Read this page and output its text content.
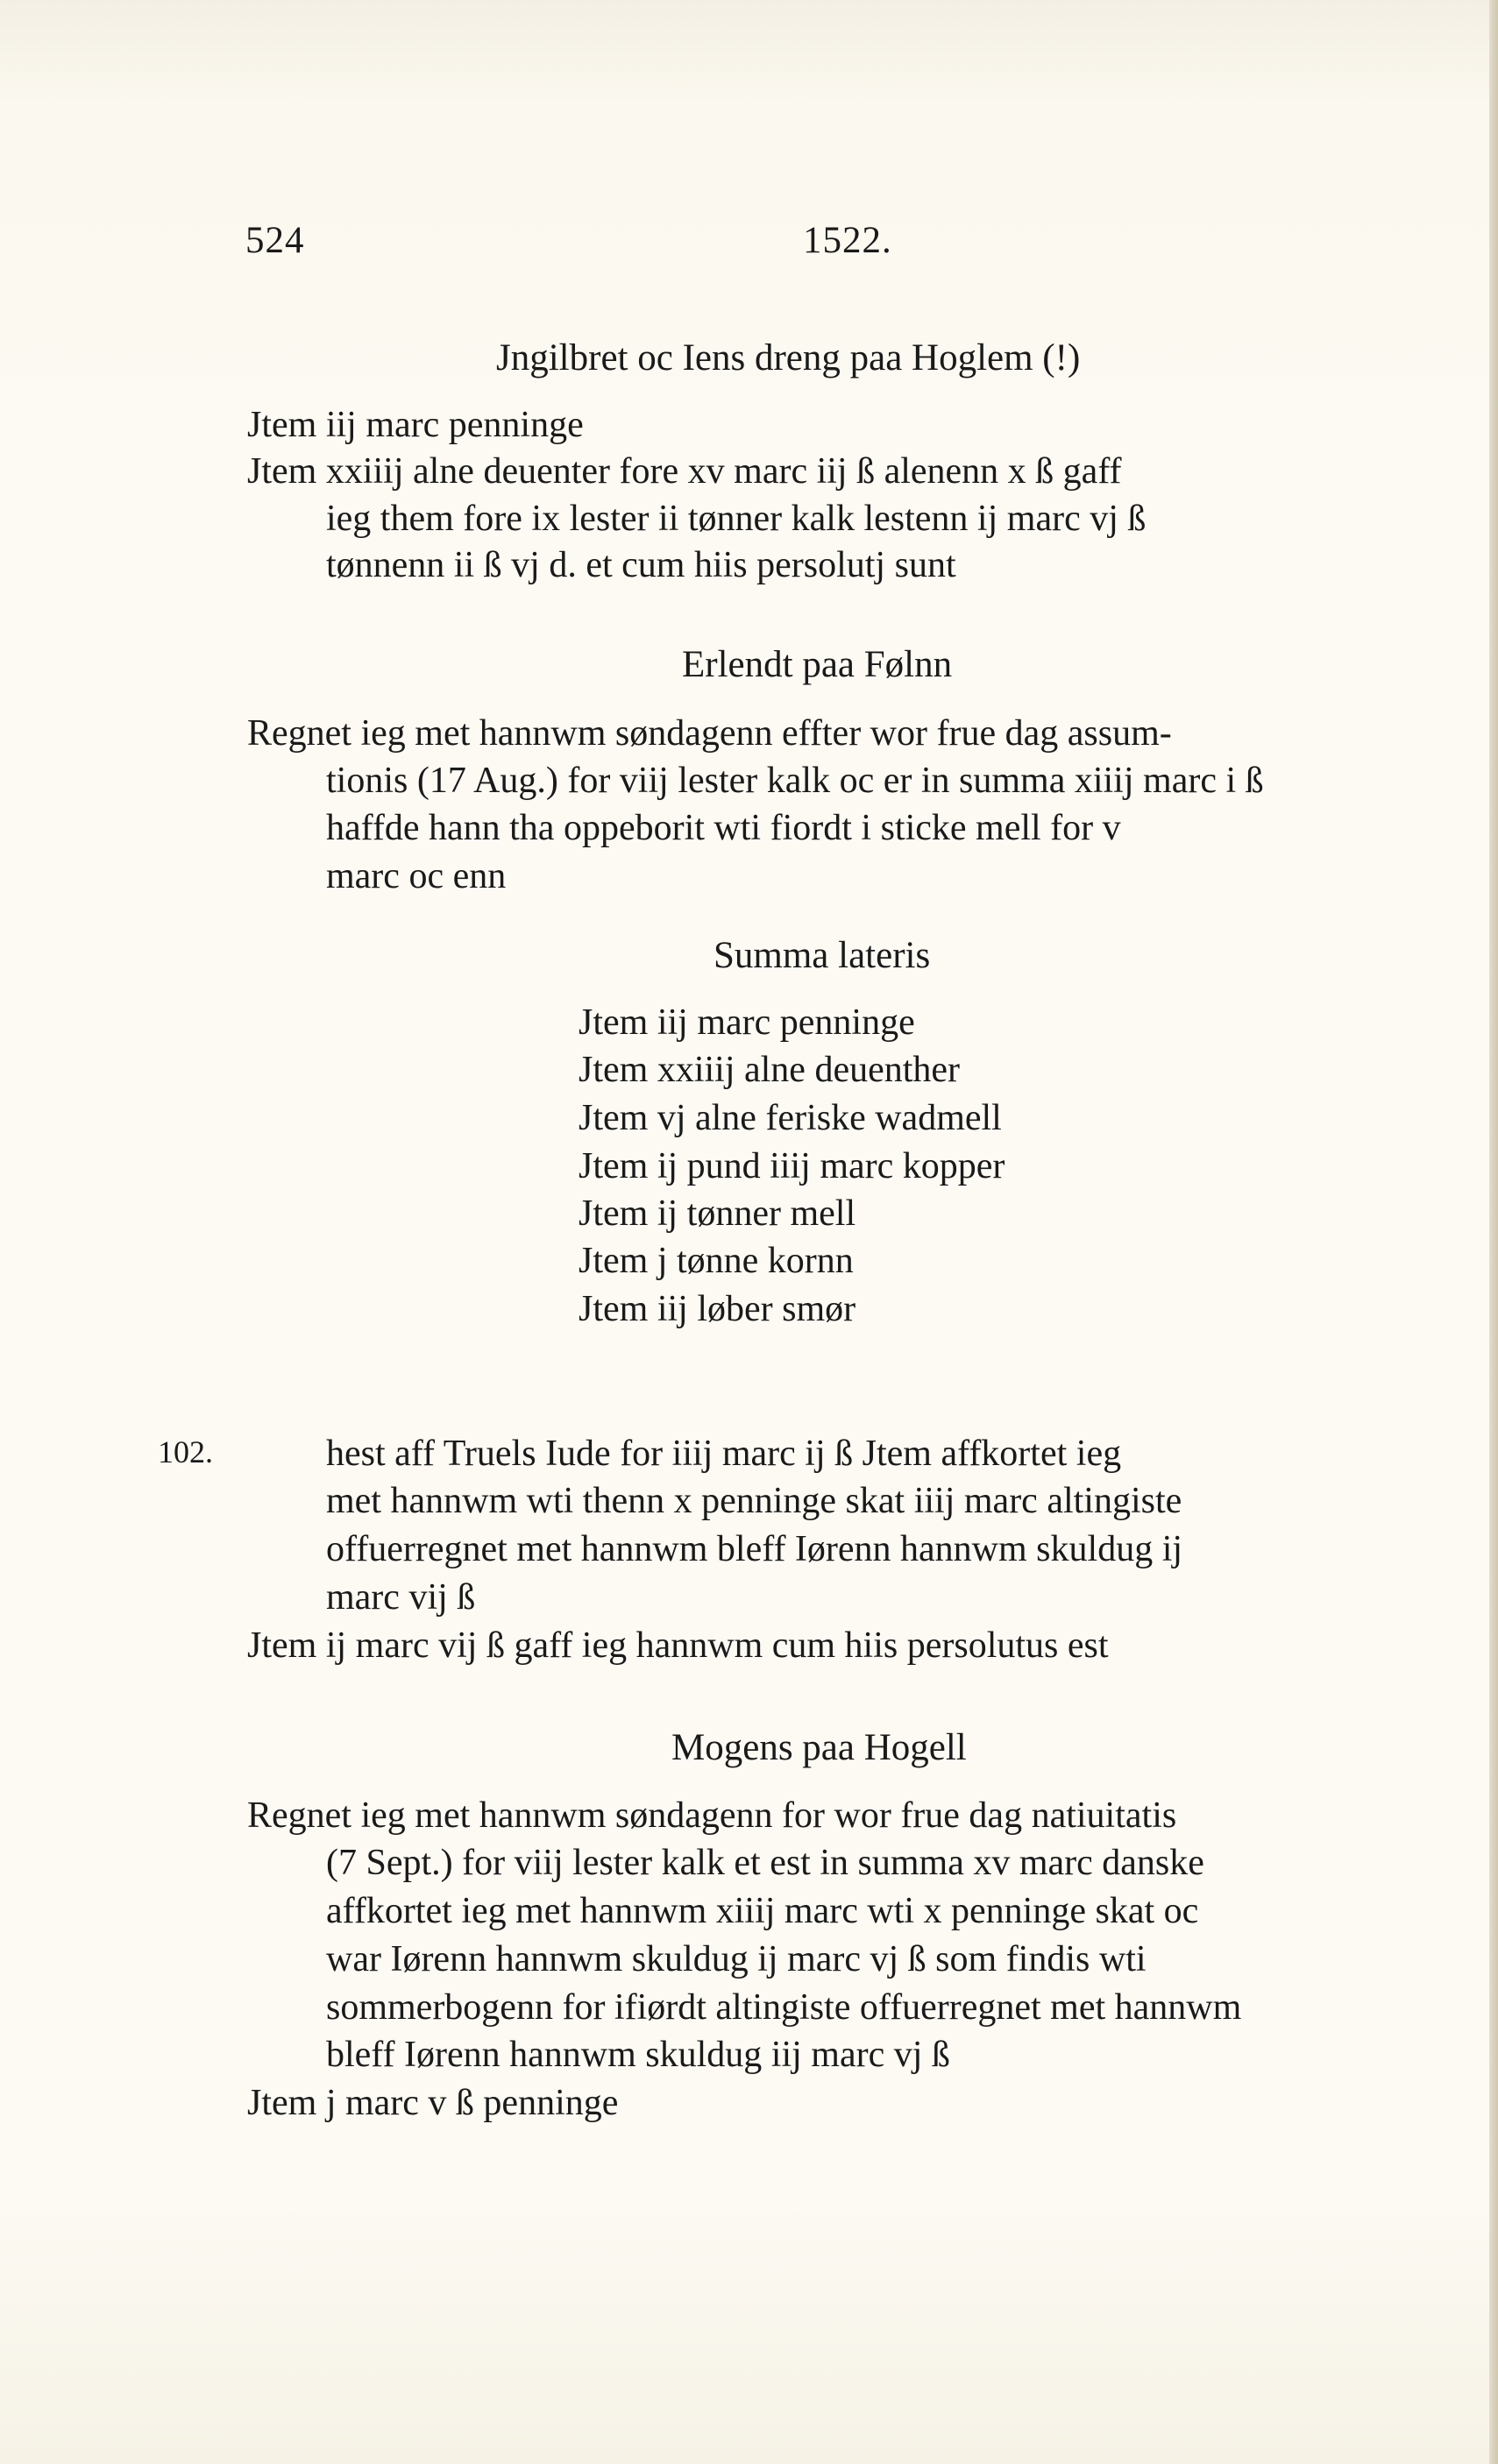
524	1522.
Jngilbret oc Iens dreng paa Hoglem (!)
Jtem iij marc penninge
Jtem xxiiij alne deuenter fore xv marc iij ß alenenn x ß gaff
ieg them fore ix lester ii tønner kalk lestenn ij marc vj ß
tønnenn ii ß vj d. et cum hiis persolutj sunt
Erlendt paa Følnn
Regnet ieg met hannwm søndagenn effter wor frue dag assum-
tionis (17 Aug.) for viij lester kalk oc er in summa xiiij marc i ß
haffde hann tha oppeborit wti fiordt i sticke mell for v
marc oc enn
Summa lateris
Jtem iij marc penninge
Jtem xxiiij alne deuenther
Jtem vj alne feriske wadmell
Jtem ij pund iiij marc kopper
Jtem ij tønner mell
Jtem j tønne kornn
Jtem iij løber smør
102.	hest aff Truels Iude for iiij marc ij ß Jtem affkortet ieg
met hannwm wti thenn x penninge skat iiij marc altingiste
offuerregnet met hannwm bleff Iørenn hannwm skuldug ij
marc vij ß
Jtem ij marc vij ß gaff ieg hannwm cum hiis persolutus est
Mogens paa Hogell
Regnet ieg met hannwm søndagenn for wor frue dag natiuitatis
(7 Sept.) for viij lester kalk et est in summa xv marc danske
affkortet ieg met hannwm xiiij marc wti x penninge skat oc
war Iørenn hannwm skuldug ij marc vj ß som findis wti
sommerbogenn for ifiørdt altingiste offuerregnet met hannwm
bleff Iørenn hannwm skuldug iij marc vj ß
Jtem j marc v ß penninge
